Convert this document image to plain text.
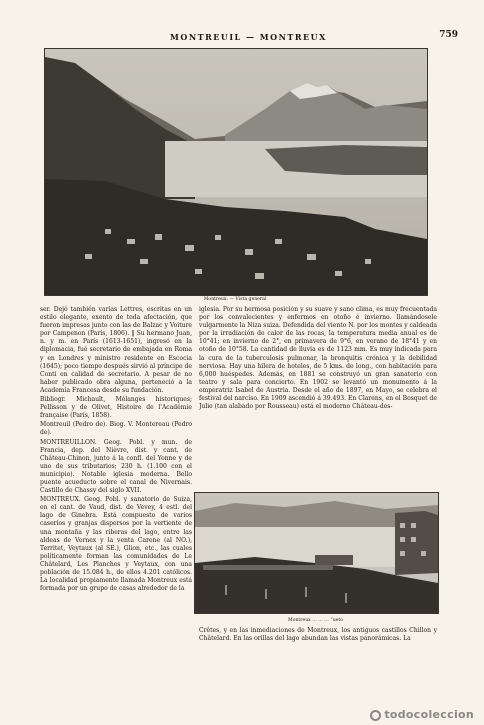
MONTREUIL — MONTREUX	759
Montreux. — Vista general

ser. Dejó también varias Lettres, escritas en un estilo elegante, exento de toda afectación, que fueron impresas junto con las de Balzac y Voiture por Campenon (París, 1806). ‖ Su hermano Juan, n. y m. en París (1613-1651), ingresó en la diplomacia, fué secretario de embajada en Roma y en Londres y ministro residente en Escocia (1645); poco tiempo después sirvió al príncipe de Conti en calidad de secretario. A pesar de no haber publicado obra alguna, perteneció a la Academia Francesa desde su fundación.

Bibliogr. Michault, Mélanges historiques; Pellisson y de Olivet, Histoire de l'Académie française (París, 1858).

Montreuil (Pedro de). Biog. V. Montereau (Pedro de).

MONTREUILLON. Geog. Pobl. y mun. de Francia, dep. del Nièvre, dist. y cant. de Château-Chinon, junto á la confl. del Yonne y de uno de sus tributarios; 230 h. (1.100 con el municipio). Notable iglesia moderna. Bello puente acueducto sobre el canal de Nivernais. Castillo de Chassy del siglo XVII.

MONTREUX. Geog. Pobl. y sanatorio de Suiza, en el cant. de Vaud, dist. de Vevey, 4 estl. del lago de Ginebra. Está compuesto de varios caseríos y granjas dispersos por la vertiente de una montaña y las riberas del lago, entre las aldeas de Vernex y la venta Carene (al NO.), Territet, Veytaux (al SE.), Glion, etc., las cuales políticamente forman las comunidades de Le Châtelard, Les Planches y Veytaux, con una población de 15.084 h., de ellos 4.201 católicos. La localidad propiamente llamada Montreux está formada por un grupo de casas alrededor de la

iglesia. Por su hermosa posición y su suave y sano clima, es muy frecuentada por los convalecientes y enfermos en otoño é invierno. llamándosele vulgarmente la Niza suiza. Defendida del viento N. por los montes y caldeada por la irradiación de calor de las rocas, la temperatura media anual es de 10°41; en invierno de 2°, en primavera de 9°6, en verano de 18°41 y en otoño de 10°58. La cantidad de lluvia es de 1123 mm. Es muy indicada para la cura de la tuberculosis pulmonar, la bronquitis crónica y la debilidad nerviosa. Hay una hilera de hoteles, de 5 kms. de long., con habitación para 6,000 huéspedes. Además, en 1881 se construyó un gran sanatorio con teatro y sala para concierto. En 1902 se levantó un monumento á la emperatriz Isabel de Austria. Desde el año de 1897, en Mayo, se celebra el festival del narciso. En 1909 ascendió á 39.493. En Clarens, en el Bosquet de Julie (tan alabado por Rousseau) está el moderno Château-des-

Montreux … … … “ueto

Crêtes, y en las inmediaciones de Montreux, los antiguos castillos Chillon y Châtelard. En las orillas del lago abundan las vistas panorámicas. La

todocoleccion
